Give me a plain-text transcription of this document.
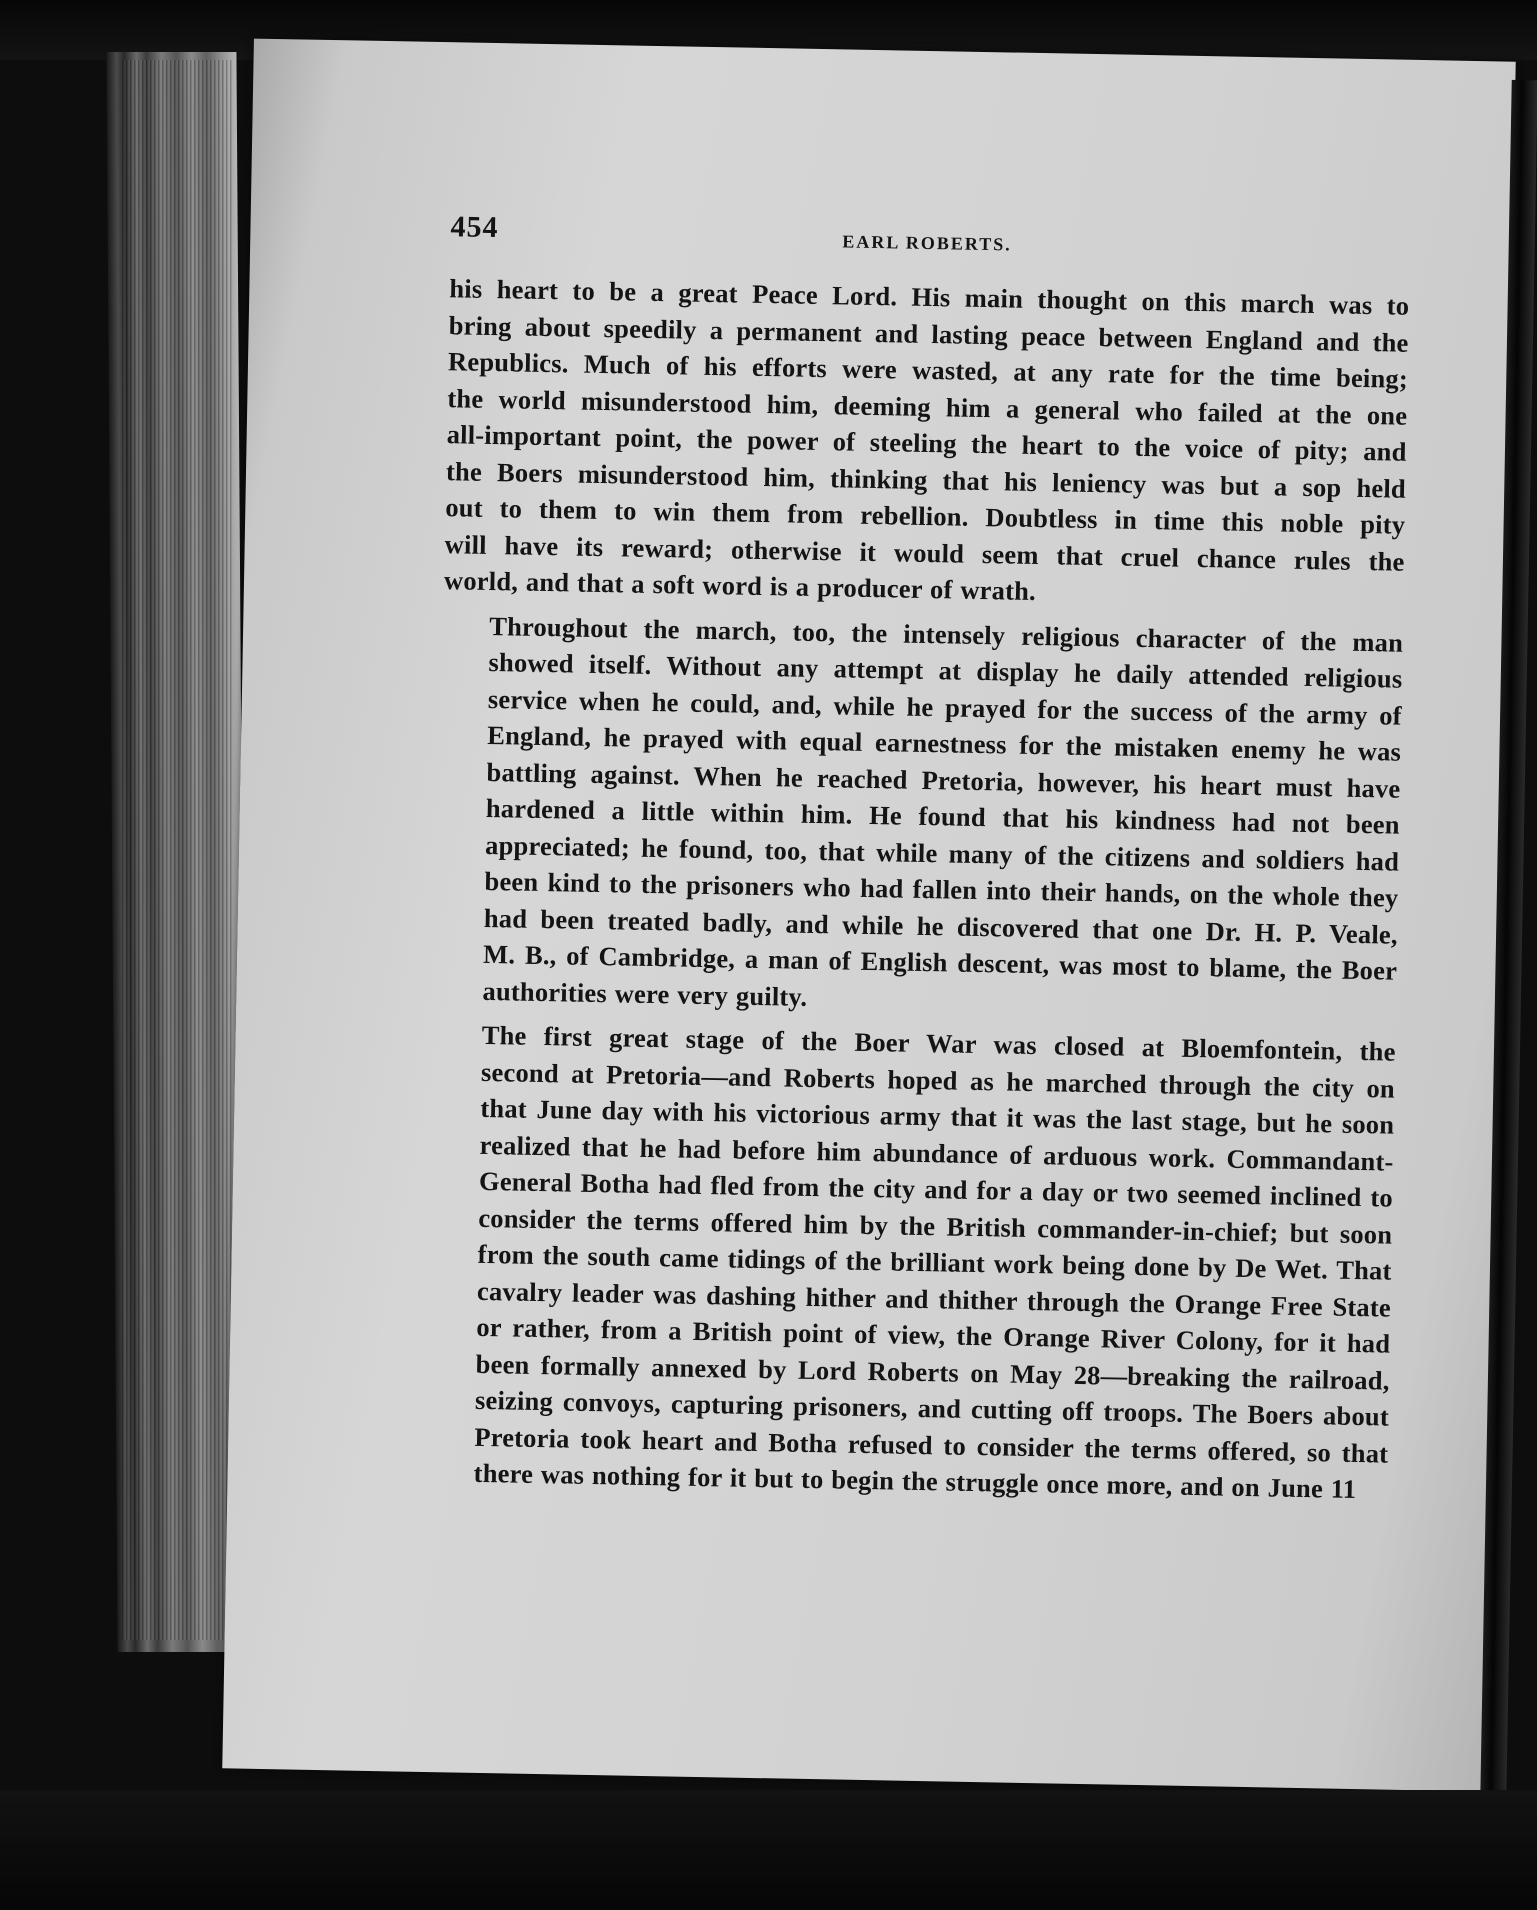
454	EARL ROBERTS.

his heart to be a great Peace Lord. His main thought on this march was to
bring about speedily a permanent and lasting peace between England and the
Republics. Much of his efforts were wasted, at any rate for the time being;
the world misunderstood him, deeming him a general who failed at the one
all-important point, the power of steeling the heart to the voice of pity; and
the Boers misunderstood him, thinking that his leniency was but a sop held
out to them to win them from rebellion. Doubtless in time this noble pity
will have its reward; otherwise it would seem that cruel chance rules the
world, and that a soft word is a producer of wrath.

Throughout the march, too, the intensely religious character of the man
showed itself. Without any attempt at display he daily attended religious
service when he could, and, while he prayed for the success of the army of
England, he prayed with equal earnestness for the mistaken enemy he was
battling against. When he reached Pretoria, however, his heart must have
hardened a little within him. He found that his kindness had not been
appreciated; he found, too, that while many of the citizens and soldiers had
been kind to the prisoners who had fallen into their hands, on the whole they
had been treated badly, and while he discovered that one Dr. H. P. Veale,
M. B., of Cambridge, a man of English descent, was most to blame, the Boer
authorities were very guilty.

The first great stage of the Boer War was closed at Bloemfontein, the
second at Pretoria—and Roberts hoped as he marched through the city on
that June day with his victorious army that it was the last stage, but he soon
realized that he had before him abundance of arduous work. Commandant-
General Botha had fled from the city and for a day or two seemed inclined to
consider the terms offered him by the British commander-in-chief; but soon
from the south came tidings of the brilliant work being done by De Wet. That
cavalry leader was dashing hither and thither through the Orange Free State
or rather, from a British point of view, the Orange River Colony, for it had
been formally annexed by Lord Roberts on May 28—breaking the railroad,
seizing convoys, capturing prisoners, and cutting off troops. The Boers about
Pretoria took heart and Botha refused to consider the terms offered, so that
there was nothing for it but to begin the struggle once more, and on June 11
